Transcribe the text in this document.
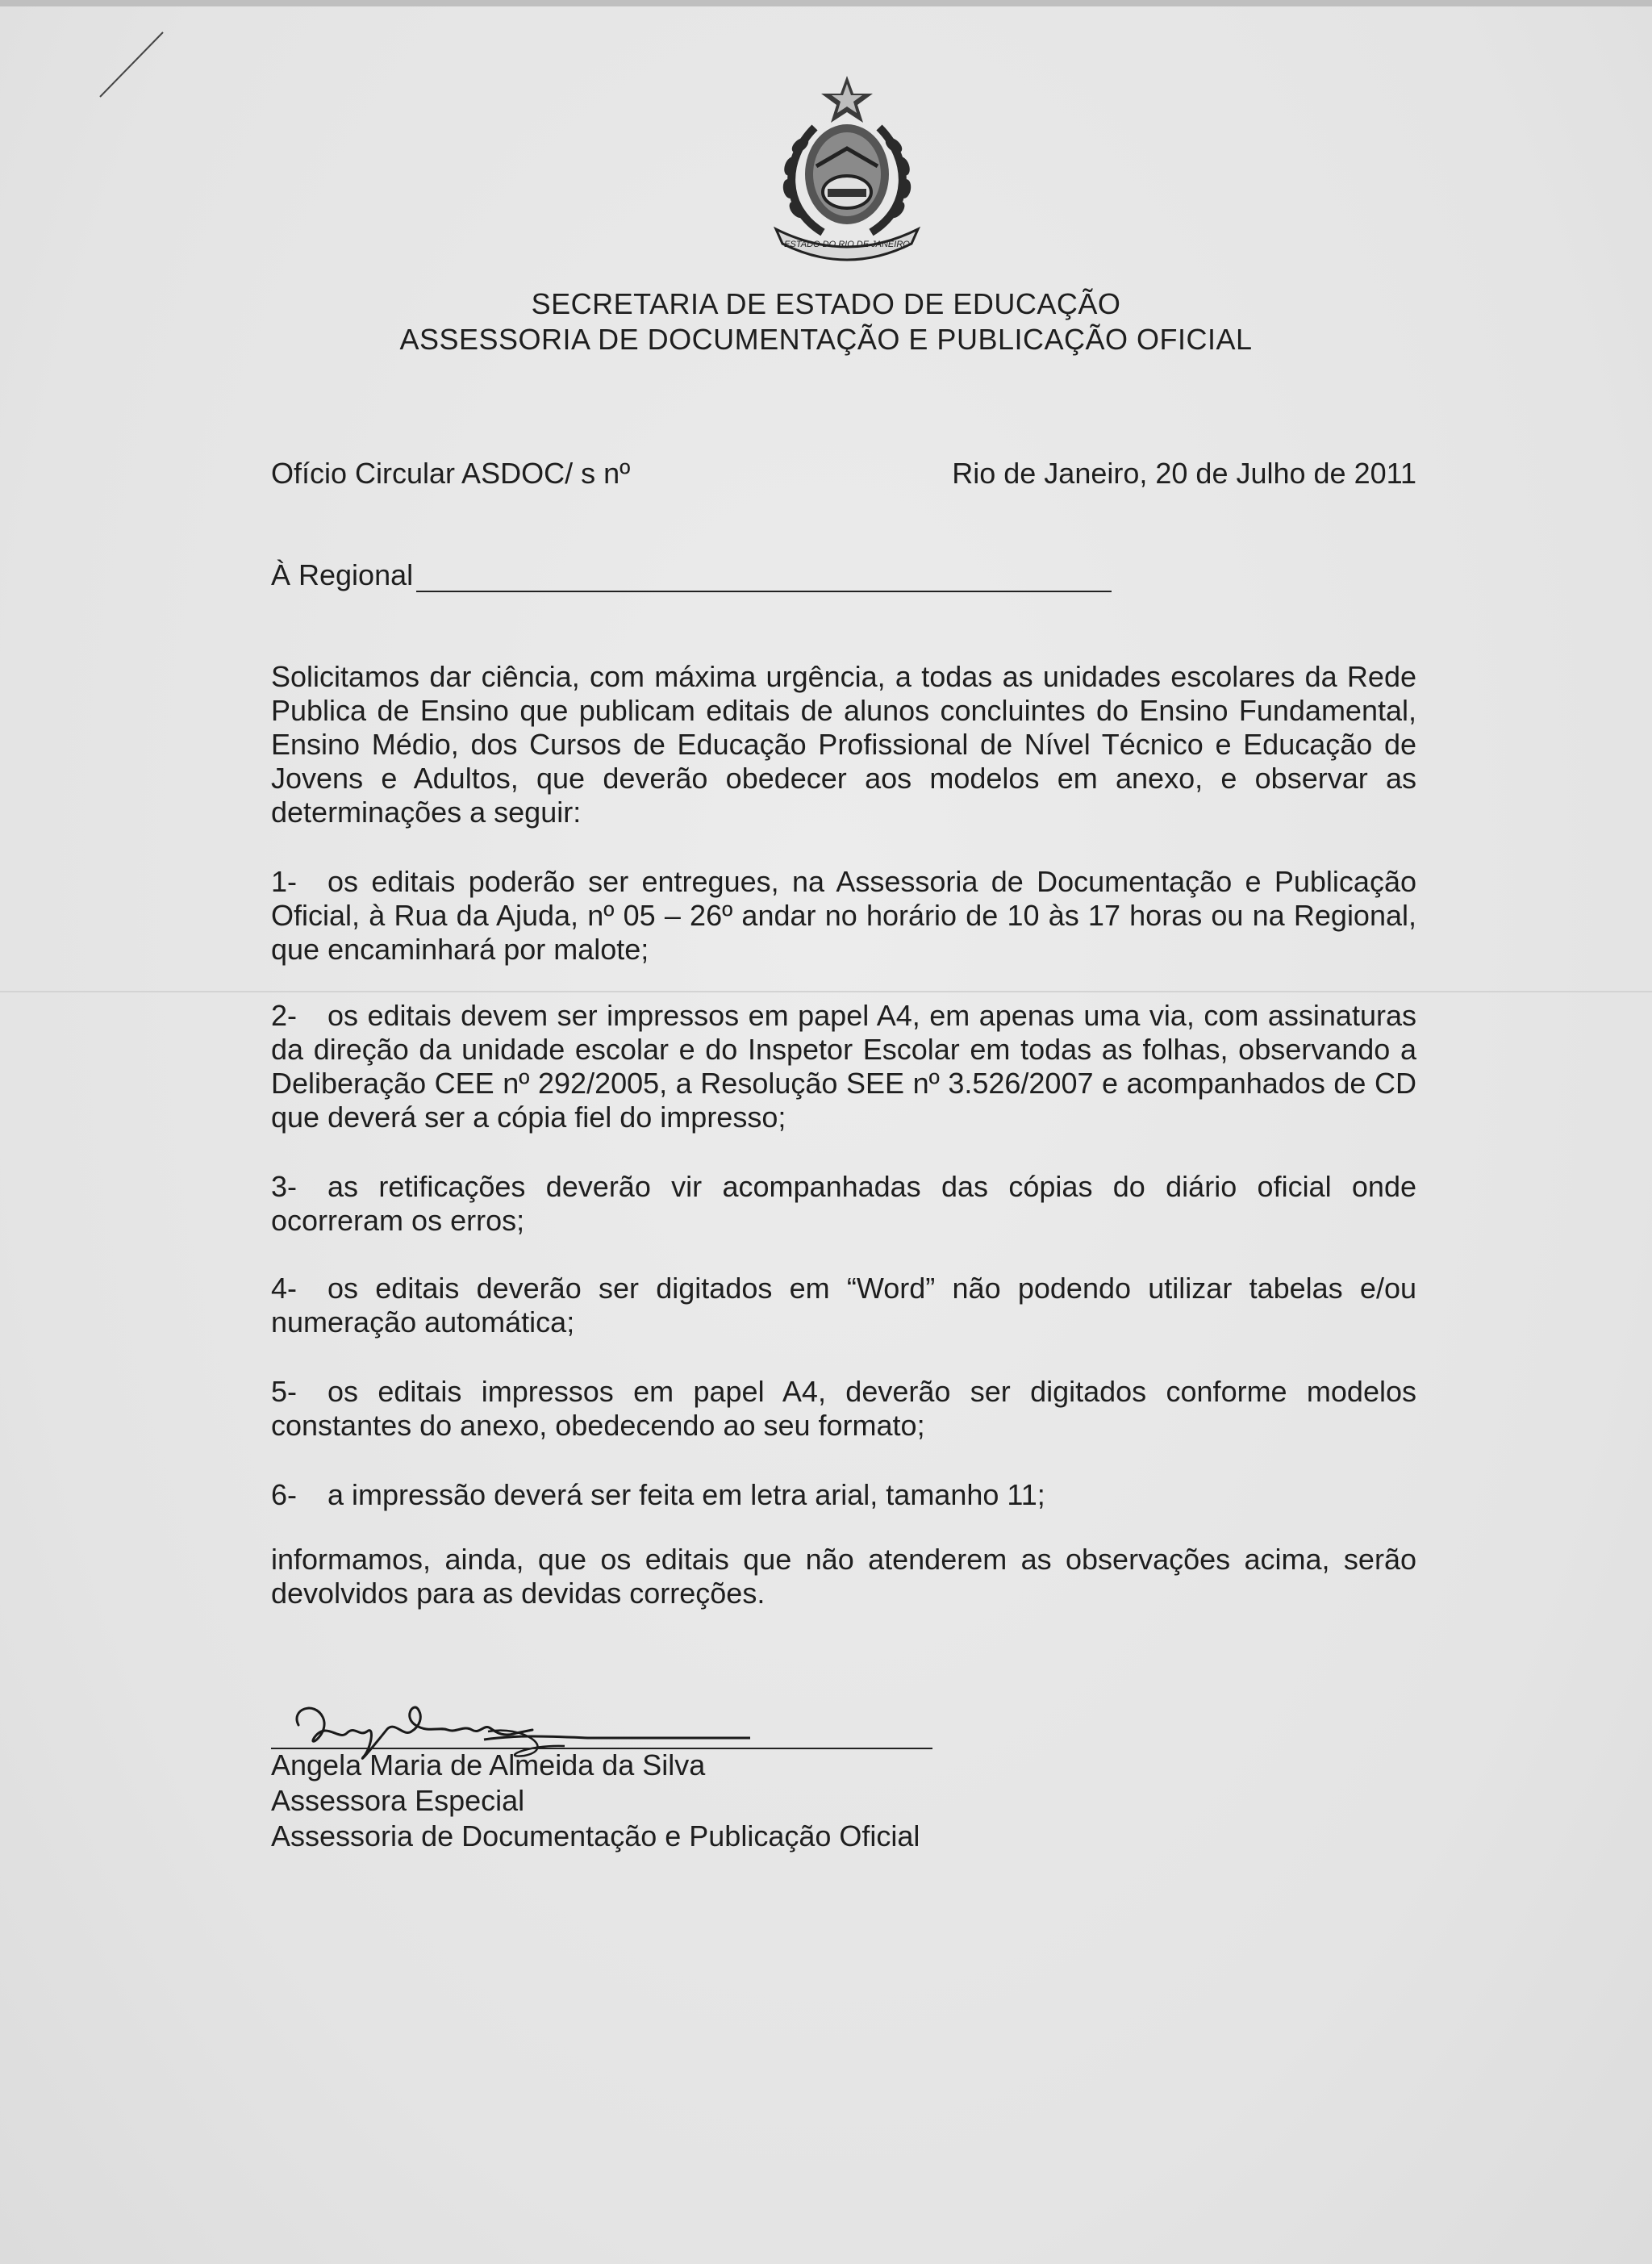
ESTADO DO RIO DE JANEIRO
SECRETARIA DE ESTADO DE EDUCAÇÃO
ASSESSORIA DE DOCUMENTAÇÃO E PUBLICAÇÃO OFICIAL
Ofício Circular ASDOC/ s nº	Rio de Janeiro, 20 de Julho de 2011
À Regional
Solicitamos dar ciência, com máxima urgência, a todas as unidades escolares da Rede Publica de Ensino que publicam editais de alunos concluintes do Ensino Fundamental, Ensino Médio, dos Cursos de Educação Profissional de Nível Técnico e Educação de Jovens e Adultos, que deverão obedecer aos modelos em anexo, e observar as determinações a seguir:
1- os editais poderão ser entregues, na Assessoria de Documentação e Publicação Oficial, à Rua da Ajuda, nº 05 – 26º andar no horário de 10 às 17 horas ou na Regional, que encaminhará por malote;
2- os editais devem ser impressos em papel A4, em apenas uma via, com assinaturas da direção da unidade escolar e do Inspetor Escolar em todas as folhas, observando a Deliberação CEE nº 292/2005, a Resolução SEE nº 3.526/2007 e acompanhados de CD que deverá ser a cópia fiel do impresso;
3- as retificações deverão vir acompanhadas das cópias do diário oficial onde ocorreram os erros;
4- os editais deverão ser digitados em “Word” não podendo utilizar tabelas e/ou numeração automática;
5- os editais impressos em papel A4, deverão ser digitados conforme modelos constantes do anexo, obedecendo ao seu formato;
6- a impressão deverá ser feita em letra arial, tamanho 11;
informamos, ainda, que os editais que não atenderem as observações acima, serão devolvidos para as devidas correções.
Angela Maria de Almeida da Silva
Assessora Especial
Assessoria de Documentação e Publicação Oficial
